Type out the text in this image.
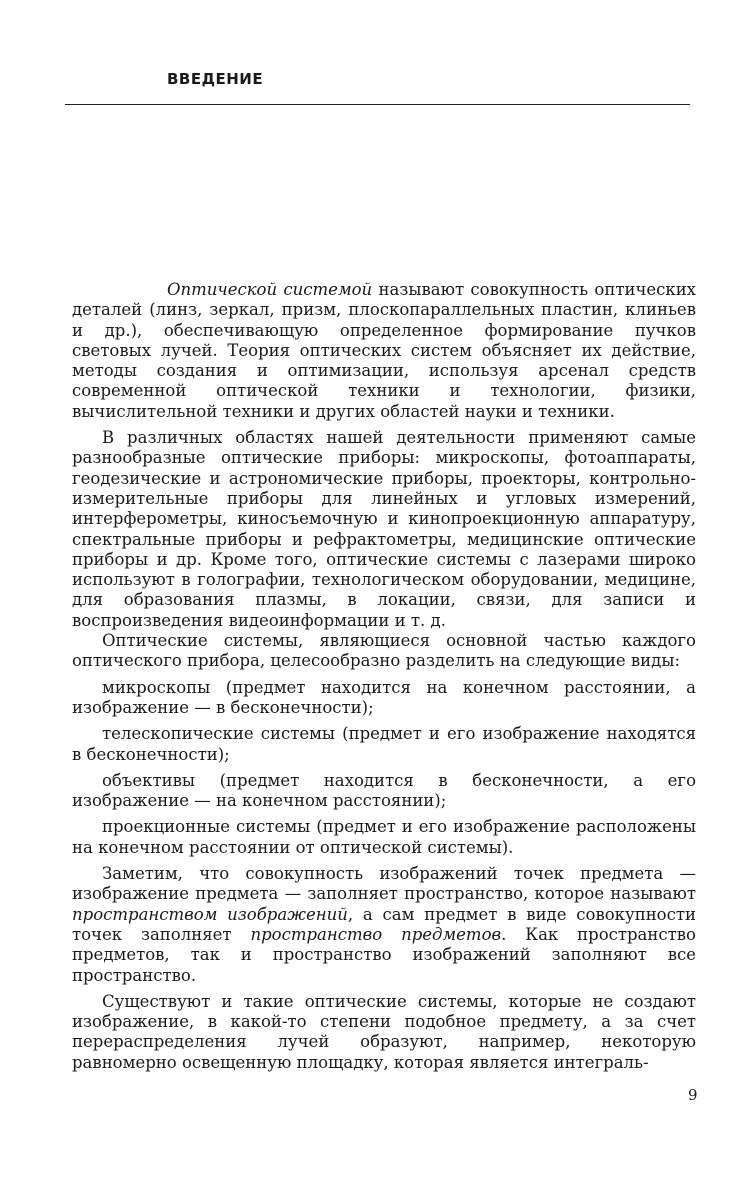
ВВЕДЕНИЕ

Оптической системой называют совокупность оптических деталей (линз, зеркал, призм, плоскопараллельных пластин, клиньев и др.), обеспечивающую определенное формирование пучков световых лучей. Теория оптических систем объясняет их действие, методы создания и оптимизации, используя арсенал средств современной оптической техники и технологии, физики, вычислительной техники и других областей науки и техники.

В различных областях нашей деятельности применяют самые разнообразные оптические приборы: микроскопы, фотоаппараты, геодезические и астрономические приборы, проекторы, контрольно-измерительные приборы для линейных и угловых измерений, интерферометры, киносъемочную и кинопроекционную аппаратуру, спектральные приборы и рефрактометры, медицинские оптические приборы и др. Кроме того, оптические системы с лазерами широко используют в голографии, технологическом оборудовании, медицине, для образования плазмы, в локации, связи, для записи и воспроизведения видеоинформации и т. д.

Оптические системы, являющиеся основной частью каждого оптического прибора, целесообразно разделить на следующие виды:

микроскопы (предмет находится на конечном расстоянии, а изображение — в бесконечности);

телескопические системы (предмет и его изображение находятся в бесконечности);

объективы (предмет находится в бесконечности, а его изображение — на конечном расстоянии);

проекционные системы (предмет и его изображение расположены на конечном расстоянии от оптической системы).

Заметим, что совокупность изображений точек предмета — изображение предмета — заполняет пространство, которое называют пространством изображений, а сам предмет в виде совокупности точек заполняет пространство предметов. Как пространство предметов, так и пространство изображений заполняют все пространство.

Существуют и такие оптические системы, которые не создают изображение, в какой-то степени подобное предмету, а за счет перераспределения лучей образуют, например, некоторую равномерно освещенную площадку, которая является интеграль-

9
